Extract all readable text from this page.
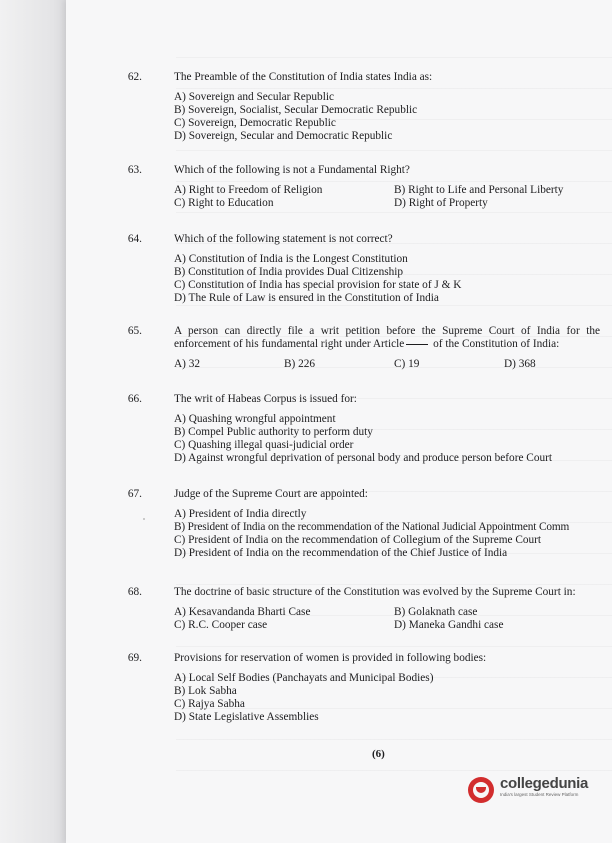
62.	The Preamble of the Constitution of India states India as:
A) Sovereign and Secular Republic
B) Sovereign, Socialist, Secular Democratic Republic
C) Sovereign, Democratic Republic
D) Sovereign, Secular and Democratic Republic
63.	Which of the following is not a Fundamental Right?
A) Right to Freedom of Religion	B) Right to Life and Personal Liberty
C) Right to Education	D) Right of Property
64.	Which of the following statement is not correct?
A) Constitution of India is the Longest Constitution
B) Constitution of India provides Dual Citizenship
C) Constitution of India has special provision for state of J & K
D) The Rule of Law is ensured in the Constitution of India
65.	A person can directly file a writ petition before the Supreme Court of India for the enforcement of his fundamental right under Article	of the Constitution of India:
A) 32	B) 226	C) 19	D) 368
66.	The writ of Habeas Corpus is issued for:
A) Quashing wrongful appointment
B) Compel Public authority to perform duty
C) Quashing illegal quasi-judicial order
D) Against wrongful deprivation of personal body and produce person before Court
67.	Judge of the Supreme Court are appointed:
A) President of India directly
B) President of India on the recommendation of the National Judicial Appointment Comm
C) President of India on the recommendation of Collegium of the Supreme Court
D) President of India on the recommendation of the Chief Justice of India
68.	The doctrine of basic structure of the Constitution was evolved by the Supreme Court in:
A) Kesavandanda Bharti Case	B) Golaknath case
C) R.C. Cooper case	D) Maneka Gandhi case
69.	Provisions for reservation of women is provided in following bodies:
A) Local Self Bodies (Panchayats and Municipal Bodies)
B) Lok Sabha
C) Rajya Sabha
D) State Legislative Assemblies
(6)
collegedunia
India's largest Student Review Platform
